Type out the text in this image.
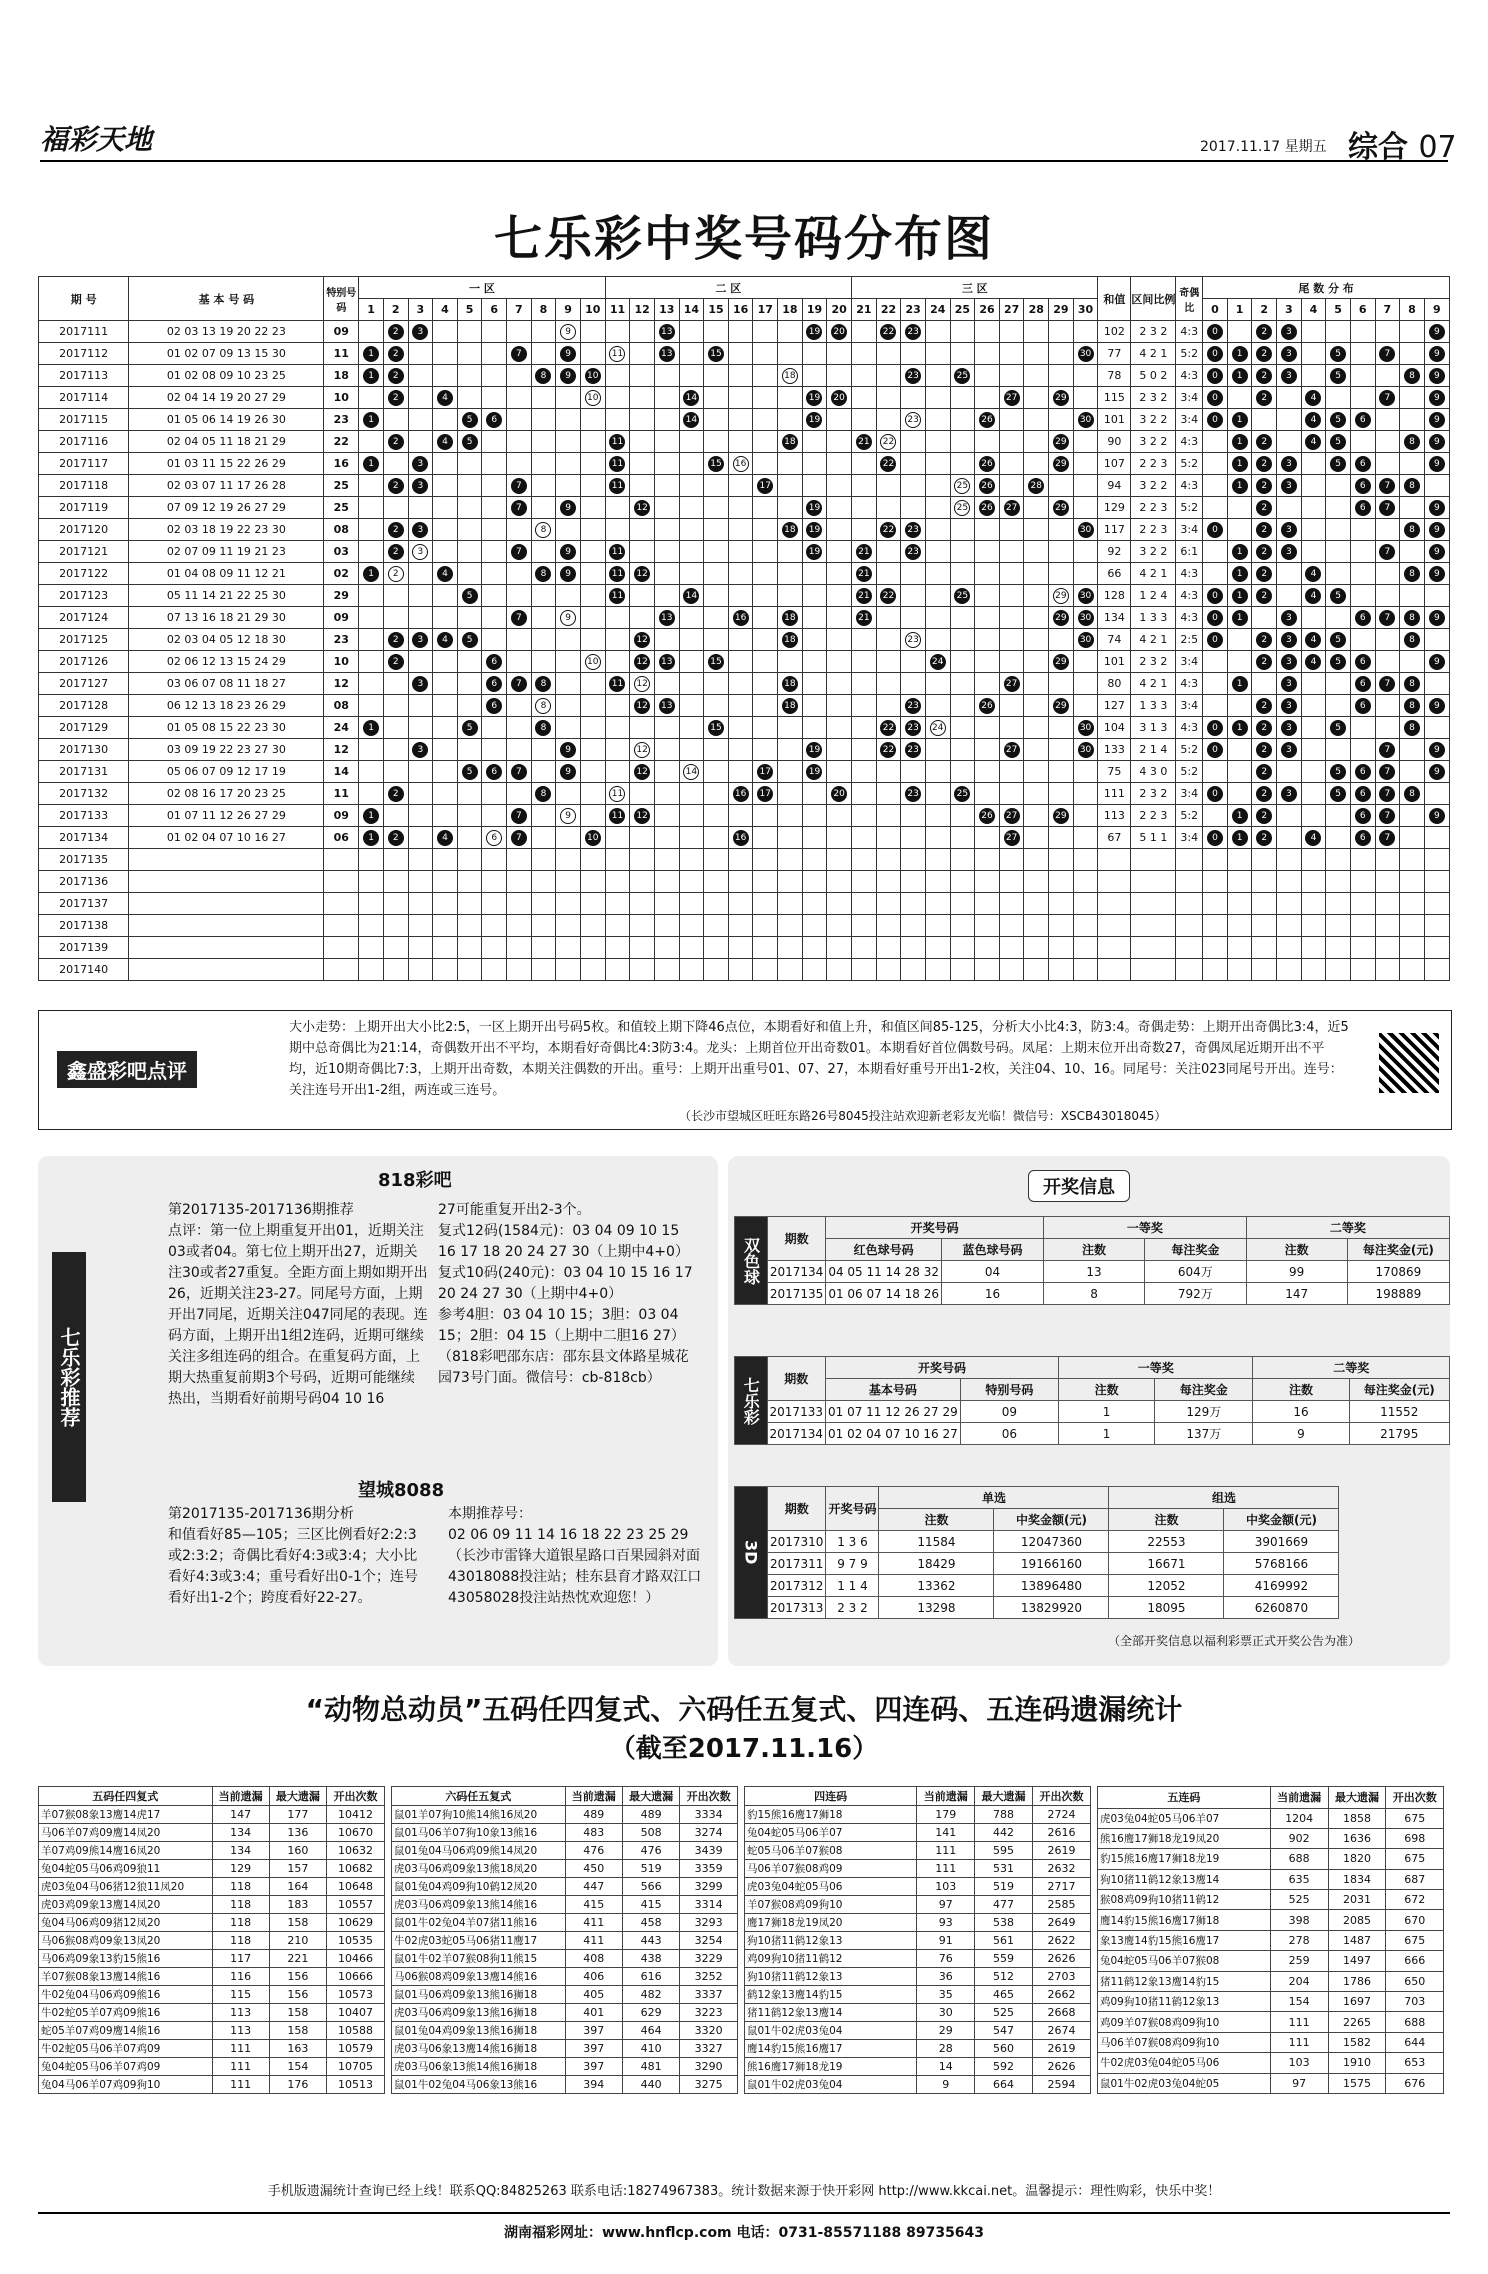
福彩天地	2017.11.17 星期五 综合 07
七乐彩中奖号码分布图
期 号	基 本 号 码	特别号码	一 区										二 区										三 区										和值	区间比例	奇偶比	尾 数 分 布									
			1	2	3	4	5	6	7	8	9	10	11	12	13	14	15	16	17	18	19	20	21	22	23	24	25	26	27	28	29	30				0	1	2	3	4	5	6	7	8	9
2017111	02 03 13 19 20 22 23	09		2	3						9				13						19	20		22	23								102	2 3 2	4:3	0		2	3						9
2017112	01 02 07 09 13 15 30	11	1	2					7		9		11		13		15															30	77	4 2 1	5:2	0	1	2	3		5		7		9
2017113	01 02 08 09 10 23 25	18	1	2						8	9	10								18					23		25						78	5 0 2	4:3	0	1	2	3		5			8	9
2017114	02 04 14 19 20 27 29	10		2		4						10				14					19	20							27		29		115	2 3 2	3:4	0		2		4			7		9
2017115	01 05 06 14 19 26 30	23	1				5	6								14					19				23			26				30	101	3 2 2	3:4	0	1			4	5	6			9
2017116	02 04 05 11 18 21 29	22		2		4	5						11							18			21	22							29		90	3 2 2	4:3		1	2		4	5			8	9
2017117	01 03 11 15 22 26 29	16	1		3								11				15	16						22				26			29		107	2 2 3	5:2		1	2	3		5	6			9
2017118	02 03 07 11 17 26 28	25		2	3				7				11						17								25	26		28			94	3 2 2	4:3		1	2	3			6	7	8	
2017119	07 09 12 19 26 27 29	25							7		9			12							19						25	26	27		29		129	2 2 3	5:2			2				6	7		9
2017120	02 03 18 19 22 23 30	08		2	3					8										18	19			22	23							30	117	2 2 3	3:4	0		2	3					8	9
2017121	02 07 09 11 19 21 23	03		2	3				7		9		11								19		21		23								92	3 2 2	6:1		1	2	3				7		9
2017122	01 04 08 09 11 12 21	02	1	2		4				8	9		11	12									21										66	4 2 1	4:3		1	2		4				8	9
2017123	05 11 14 21 22 25 30	29					5						11			14							21	22			25				29	30	128	1 2 4	4:3	0	1	2		4	5				
2017124	07 13 16 18 21 29 30	09							7		9				13			16		18			21								29	30	134	1 3 3	4:3	0	1		3			6	7	8	9
2017125	02 03 04 05 12 18 30	23		2	3	4	5							12						18					23							30	74	4 2 1	2:5	0		2	3	4	5			8	
2017126	02 06 12 13 15 24 29	10		2				6				10		12	13		15									24					29		101	2 3 2	3:4			2	3	4	5	6			9
2017127	03 06 07 08 11 18 27	12			3			6	7	8			11	12						18									27				80	4 2 1	4:3		1		3			6	7	8	
2017128	06 12 13 18 23 26 29	08						6		8				12	13					18					23			26			29		127	1 3 3	3:4			2	3			6		8	9
2017129	01 05 08 15 22 23 30	24	1				5			8							15							22	23	24						30	104	3 1 3	4:3	0	1	2	3		5			8	
2017130	03 09 19 22 23 27 30	12			3						9			12							19			22	23				27			30	133	2 1 4	5:2	0		2	3				7		9
2017131	05 06 07 09 12 17 19	14					5	6	7		9			12		14			17		19												75	4 3 0	5:2			2			5	6	7		9
2017132	02 08 16 17 20 23 25	11		2						8			11					16	17			20			23		25						111	2 3 2	3:4	0		2	3		5	6	7	8	
2017133	01 07 11 12 26 27 29	09	1						7		9		11	12														26	27		29		113	2 2 3	5:2		1	2				6	7		9
2017134	01 02 04 07 10 16 27	06	1	2		4		6	7			10						16											27				67	5 1 1	3:4	0	1	2		4		6	7		
2017135																																													
2017136																																													
2017137																																													
2017138																																													
2017139																																													
2017140																																													
鑫盛彩吧点评
大小走势：上期开出大小比2:5，一区上期开出号码5枚。和值较上期下降46点位，本期看好和值上升，和值区间85-125，分析大小比4:3，防3:4。奇偶走势：上期开出奇偶比3:4，近5期中总奇偶比为21:14，奇偶数开出不平均，本期看好奇偶比4:3防3:4。龙头：上期首位开出奇数01。本期看好首位偶数号码。凤尾：上期末位开出奇数27，奇偶凤尾近期开出不平均，近10期奇偶比7:3，上期开出奇数，本期关注偶数的开出。重号：上期开出重号01、07、27，本期看好重号开出1-2枚，关注04、10、16。同尾号：关注023同尾号开出。连号：关注连号开出1-2组，两连或三连号。
（长沙市望城区旺旺东路26号8045投注站欢迎新老彩友光临！微信号：XSCB43018045）
七乐彩推荐
818彩吧
第2017135-2017136期推荐
点评：第一位上期重复开出01，近期关注03或者04。第七位上期开出27，近期关注30或者27重复。全距方面上期如期开出26，近期关注23-27。同尾号方面，上期开出7同尾，近期关注047同尾的表现。连码方面，上期开出1组2连码，近期可继续关注多组连码的组合。在重复码方面，上期大热重复前期3个号码，近期可能继续热出，当期看好前期号码04 10 16
27可能重复开出2-3个。
复式12码(1584元)：03 04 09 10 15 16 17 18 20 24 27 30（上期中4+0）
复式10码(240元)：03 04 10 15 16 17 20 24 27 30（上期中4+0）
参考4胆：03 04 10 15；3胆：03 04 15；2胆：04 15（上期中二胆16 27）
（818彩吧邵东店：邵东县文体路星城花园73号门面。微信号：cb-818cb）
望城8088
第2017135-2017136期分析
和值看好85—105；三区比例看好2:2:3或2:3:2；奇偶比看好4:3或3:4；大小比看好4:3或3:4；重号看好出0-1个；连号看好出1-2个；跨度看好22-27。
本期推荐号：
02 06 09 11 14 16 18 22 23 25 29（长沙市雷锋大道银星路口百果园斜对面43018088投注站；桂东县育才路双江口43058028投注站热忱欢迎您！）
开奖信息
双色球	期数	开奖号码		一等奖		二等奖	
		红色球号码	蓝色球号码	注数	每注奖金	注数	每注奖金(元)
	2017134	04 05 11 14 28 32	04	13	604万	99	170869
	2017135	01 06 07 14 18 26	16	8	792万	147	198889
七乐彩	期数	开奖号码		一等奖		二等奖	
		基本号码	特别号码	注数	每注奖金	注数	每注奖金(元)
	2017133	01 07 11 12 26 27 29	09	1	129万	16	11552
	2017134	01 02 04 07 10 16 27	06	1	137万	9	21795
3D	期数	开奖号码	单选		组选	
			注数	中奖金额(元)	注数	中奖金额(元)
	2017310	1 3 6	11584	12047360	22553	3901669
	2017311	9 7 9	18429	19166160	16671	5768166
	2017312	1 1 4	13362	13896480	12052	4169992
	2017313	2 3 2	13298	13829920	18095	6260870
（全部开奖信息以福利彩票正式开奖公告为准）
“动物总动员”五码任四复式、六码任五复式、四连码、五连码遗漏统计
（截至2017.11.16）
五码任四复式	当前遗漏	最大遗漏	开出次数
羊07猴08象13鹰14虎17	147	177	10412
马06羊07鸡09鹰14凤20	134	136	10670
羊07鸡09熊14鹰16凤20	134	160	10632
兔04蛇05马06鸡09狼11	129	157	10682
虎03兔04马06猪12狼11凤20	118	164	10648
虎03鸡09象13鹰14凤20	118	183	10557
兔04马06鸡09猪12凤20	118	158	10629
马06猴08鸡09象13凤20	118	210	10535
马06鸡09象13豹15熊16	117	221	10466
羊07猴08象13鹰14熊16	116	156	10666
牛02兔04马06鸡09熊16	115	156	10573
牛02蛇05羊07鸡09熊16	113	158	10407
蛇05羊07鸡09鹰14熊16	113	158	10588
牛02蛇05马06羊07鸡09	111	163	10579
兔04蛇05马06羊07鸡09	111	154	10705
兔04马06羊07鸡09狗10	111	176	10513
六码任五复式	当前遗漏	最大遗漏	开出次数
鼠01羊07狗10熊14熊16凤20	489	489	3334
鼠01马06羊07狗10象13熊16	483	508	3274
鼠01兔04马06鸡09熊14凤20	476	476	3439
虎03马06鸡09象13熊18凤20	450	519	3359
鼠01兔04鸡09狗10鹤12凤20	447	566	3299
虎03马06鸡09象13熊14熊16	415	415	3314
鼠01牛02兔04羊07猪11熊16	411	458	3293
牛02虎03蛇05马06猪11鹰17	411	443	3254
鼠01牛02羊07猴08狗11熊15	408	438	3229
马06猴08鸡09象13鹰14熊16	406	616	3252
鼠01马06鸡09象13熊16狮18	405	482	3337
虎03马06鸡09象13熊16狮18	401	629	3223
鼠01兔04鸡09象13熊16狮18	397	464	3320
虎03马06象13鹰14熊16狮18	397	410	3327
虎03马06象13熊14熊16狮18	397	481	3290
鼠01牛02兔04马06象13熊16	394	440	3275
四连码	当前遗漏	最大遗漏	开出次数
豹15熊16鹰17狮18	179	788	2724
兔04蛇05马06羊07	141	442	2616
蛇05马06羊07猴08	111	595	2619
马06羊07猴08鸡09	111	531	2632
虎03兔04蛇05马06	103	519	2717
羊07猴08鸡09狗10	97	477	2585
鹰17狮18龙19凤20	93	538	2649
狗10猪11鹤12象13	91	561	2622
鸡09狗10猪11鹤12	76	559	2626
狗10猪11鹤12象13	36	512	2703
鹤12象13鹰14豹15	35	465	2662
猪11鹤12象13鹰14	30	525	2668
鼠01牛02虎03兔04	29	547	2674
鹰14豹15熊16鹰17	28	560	2619
熊16鹰17狮18龙19	14	592	2626
鼠01牛02虎03兔04	9	664	2594
五连码	当前遗漏	最大遗漏	开出次数
虎03兔04蛇05马06羊07	1204	1858	675
熊16鹰17狮18龙19凤20	902	1636	698
豹15熊16鹰17狮18龙19	688	1820	675
狗10猪11鹤12象13鹰14	635	1834	687
猴08鸡09狗10猪11鹤12	525	2031	672
鹰14豹15熊16鹰17狮18	398	2085	670
象13鹰14豹15熊16鹰17	278	1487	675
兔04蛇05马06羊07猴08	259	1497	666
猪11鹤12象13鹰14豹15	204	1786	650
鸡09狗10猪11鹤12象13	154	1697	703
鸡09羊07猴08鸡09狗10	111	2265	688
马06羊07猴08鸡09狗10	111	1582	644
牛02虎03兔04蛇05马06	103	1910	653
鼠01牛02虎03兔04蛇05	97	1575	676
手机版遗漏统计查询已经上线！联系QQ:84825263 联系电话:18274967383。统计数据来源于快开彩网 http://www.kkcai.net。温馨提示：理性购彩，快乐中奖！
湖南福彩网址：www.hnflcp.com 电话：0731-85571188 89735643
